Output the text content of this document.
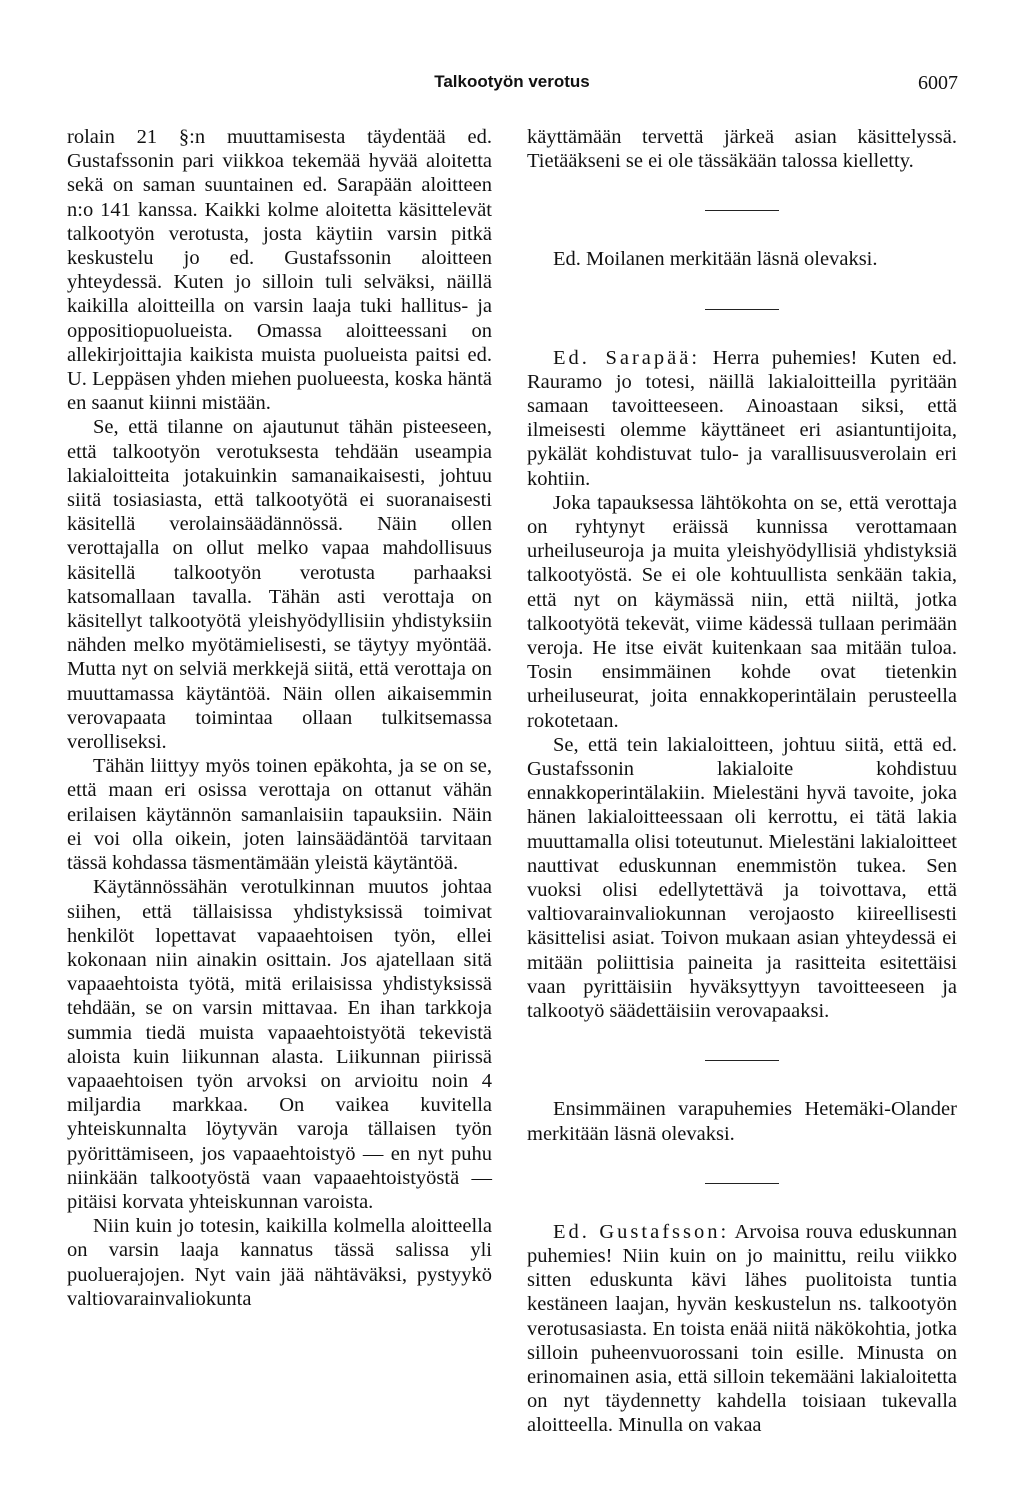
Talkootyön verotus	6007

rolain 21 §:n muuttamisesta täydentää ed. Gustafssonin pari viikkoa tekemää hyvää aloitetta sekä on saman suuntainen ed. Sarapään aloitteen n:o 141 kanssa. Kaikki kolme aloitetta käsittelevät talkootyön verotusta, josta käytiin varsin pitkä keskustelu jo ed. Gustafssonin aloitteen yhteydessä. Kuten jo silloin tuli selväksi, näillä kaikilla aloitteilla on varsin laaja tuki hallitus- ja oppositiopuolueista. Omassa aloitteessani on allekirjoittajia kaikista muista puolueista paitsi ed. U. Leppäsen yhden miehen puolueesta, koska häntä en saanut kiinni mistään.

Se, että tilanne on ajautunut tähän pisteeseen, että talkootyön verotuksesta tehdään useampia lakialoitteita jotakuinkin samanaikaisesti, johtuu siitä tosiasiasta, että talkootyötä ei suoranaisesti käsitellä verolainsäädännössä. Näin ollen verottajalla on ollut melko vapaa mahdollisuus käsitellä talkootyön verotusta parhaaksi katsomallaan tavalla. Tähän asti verottaja on käsitellyt talkootyötä yleishyödyllisiin yhdistyksiin nähden melko myötämielisesti, se täytyy myöntää. Mutta nyt on selviä merkkejä siitä, että verottaja on muuttamassa käytäntöä. Näin ollen aikaisemmin verovapaata toimintaa ollaan tulkitsemassa verolliseksi.

Tähän liittyy myös toinen epäkohta, ja se on se, että maan eri osissa verottaja on ottanut vähän erilaisen käytännön samanlaisiin tapauksiin. Näin ei voi olla oikein, joten lainsäädäntöä tarvitaan tässä kohdassa täsmentämään yleistä käytäntöä.

Käytännössähän verotulkinnan muutos johtaa siihen, että tällaisissa yhdistyksissä toimivat henkilöt lopettavat vapaaehtoisen työn, ellei kokonaan niin ainakin osittain. Jos ajatellaan sitä vapaaehtoista työtä, mitä erilaisissa yhdistyksissä tehdään, se on varsin mittavaa. En ihan tarkkoja summia tiedä muista vapaaehtoistyötä tekevistä aloista kuin liikunnan alasta. Liikunnan piirissä vapaaehtoisen työn arvoksi on arvioitu noin 4 miljardia markkaa. On vaikea kuvitella yhteiskunnalta löytyvän varoja tällaisen työn pyörittämiseen, jos vapaaehtoistyö — en nyt puhu niinkään talkootyöstä vaan vapaaehtoistyöstä — pitäisi korvata yhteiskunnan varoista.

Niin kuin jo totesin, kaikilla kolmella aloitteella on varsin laaja kannatus tässä salissa yli puoluerajojen. Nyt vain jää nähtäväksi, pystyykö valtiovarainvaliokunta

käyttämään tervettä järkeä asian käsittelyssä. Tietääkseni se ei ole tässäkään talossa kielletty.

Ed. Moilanen merkitään läsnä olevaksi.

Ed. Sarapää: Herra puhemies! Kuten ed. Rauramo jo totesi, näillä lakialoitteilla pyritään samaan tavoitteeseen. Ainoastaan siksi, että ilmeisesti olemme käyttäneet eri asiantuntijoita, pykälät kohdistuvat tulo- ja varallisuusverolain eri kohtiin.

Joka tapauksessa lähtökohta on se, että verottaja on ryhtynyt eräissä kunnissa verottamaan urheiluseuroja ja muita yleishyödyllisiä yhdistyksiä talkootyöstä. Se ei ole kohtuullista senkään takia, että nyt on käymässä niin, että niiltä, jotka talkootyötä tekevät, viime kädessä tullaan perimään veroja. He itse eivät kuitenkaan saa mitään tuloa. Tosin ensimmäinen kohde ovat tietenkin urheiluseurat, joita ennakkoperintälain perusteella rokotetaan.

Se, että tein lakialoitteen, johtuu siitä, että ed. Gustafssonin lakialoite kohdistuu ennakkoperintälakiin. Mielestäni hyvä tavoite, joka hänen lakialoitteessaan oli kerrottu, ei tätä lakia muuttamalla olisi toteutunut. Mielestäni lakialoitteet nauttivat eduskunnan enemmistön tukea. Sen vuoksi olisi edellytettävä ja toivottava, että valtiovarainvaliokunnan verojaosto kiireellisesti käsittelisi asiat. Toivon mukaan asian yhteydessä ei mitään poliittisia paineita ja rasitteita esitettäisi vaan pyrittäisiin hyväksyttyyn tavoitteeseen ja talkootyö säädettäisiin verovapaaksi.

Ensimmäinen varapuhemies Hetemäki-Olander merkitään läsnä olevaksi.

Ed. Gustafsson: Arvoisa rouva eduskunnan puhemies! Niin kuin on jo mainittu, reilu viikko sitten eduskunta kävi lähes puolitoista tuntia kestäneen laajan, hyvän keskustelun ns. talkootyön verotusasiasta. En toista enää niitä näkökohtia, jotka silloin puheenvuorossani toin esille. Minusta on erinomainen asia, että silloin tekemääni lakialoitetta on nyt täydennetty kahdella toisiaan tukevalla aloitteella. Minulla on vakaa
